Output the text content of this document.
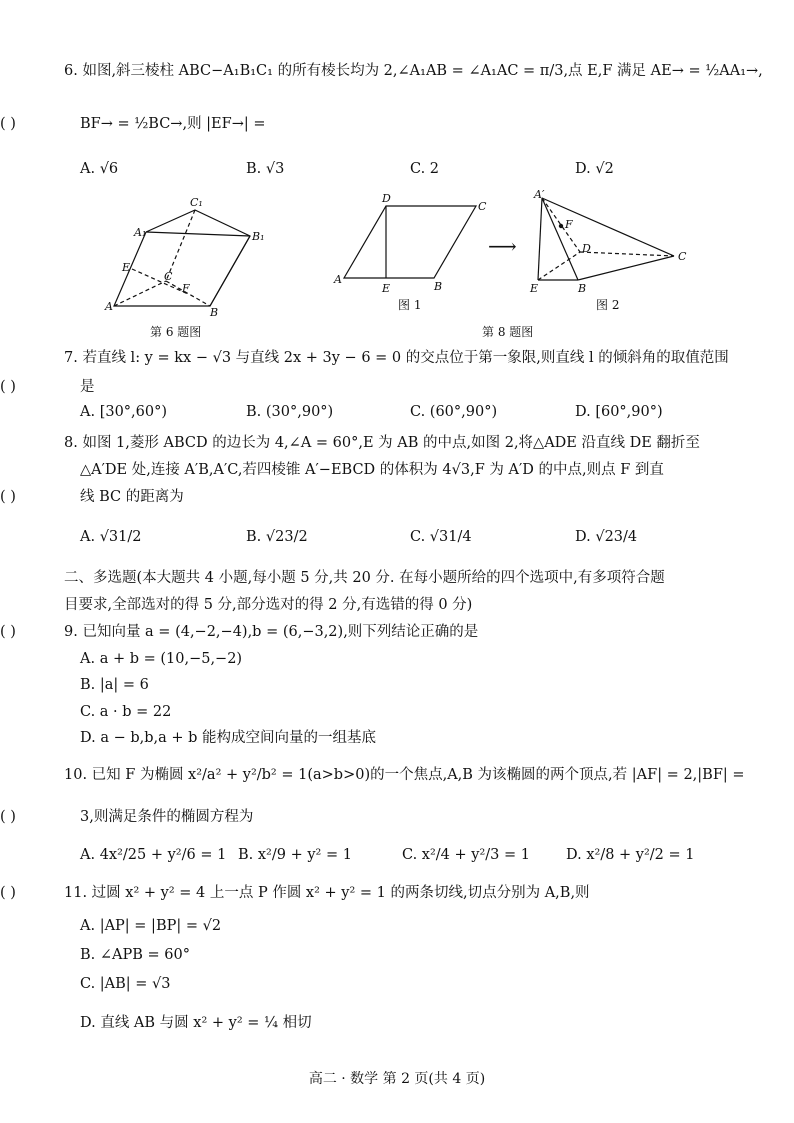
6. 如图,斜三棱柱 ABC−A₁B₁C₁ 的所有棱长均为 2,∠A₁AB = ∠A₁AC = π/3,点 E,F 满足 AE→ = ½AA₁→,
BF→ = ½BC→,则 |EF→| =
( )
A. √6	B. √3	C. 2	D. √2
A₁
C₁
B₁
E
C
F
A	B
第 6 题图
D
C
A
E	B
图 1
⟶
A′
F
D
C
E	B
图 2
第 8 题图
7. 若直线 l: y = kx − √3 与直线 2x + 3y − 6 = 0 的交点位于第一象限,则直线 l 的倾斜角的取值范围
是
( )
A. [30°,60°)	B. (30°,90°)	C. (60°,90°)	D. [60°,90°)
8. 如图 1,菱形 ABCD 的边长为 4,∠A = 60°,E 为 AB 的中点,如图 2,将△ADE 沿直线 DE 翻折至
△A′DE 处,连接 A′B,A′C,若四棱锥 A′−EBCD 的体积为 4√3,F 为 A′D 的中点,则点 F 到直
线 BC 的距离为
( )
A. √31/2	B. √23/2	C. √31/4	D. √23/4
二、多选题(本大题共 4 小题,每小题 5 分,共 20 分. 在每小题所给的四个选项中,有多项符合题
目要求,全部选对的得 5 分,部分选对的得 2 分,有选错的得 0 分)
9. 已知向量 a = (4,−2,−4),b = (6,−3,2),则下列结论正确的是
( )
A. a + b = (10,−5,−2)
B. |a| = 6
C. a · b = 22
D. a − b,b,a + b 能构成空间向量的一组基底
10. 已知 F 为椭圆 x²/a² + y²/b² = 1(a>b>0)的一个焦点,A,B 为该椭圆的两个顶点,若 |AF| = 2,|BF| =
3,则满足条件的椭圆方程为
( )
A. 4x²/25 + y²/6 = 1 B. x²/9 + y² = 1	C. x²/4 + y²/3 = 1 D. x²/8 + y²/2 = 1
11. 过圆 x² + y² = 4 上一点 P 作圆 x² + y² = 1 的两条切线,切点分别为 A,B,则
( )
A. |AP| = |BP| = √2
B. ∠APB = 60°
C. |AB| = √3
D. 直线 AB 与圆 x² + y² = ¼ 相切
高二 · 数学 第 2 页(共 4 页)
